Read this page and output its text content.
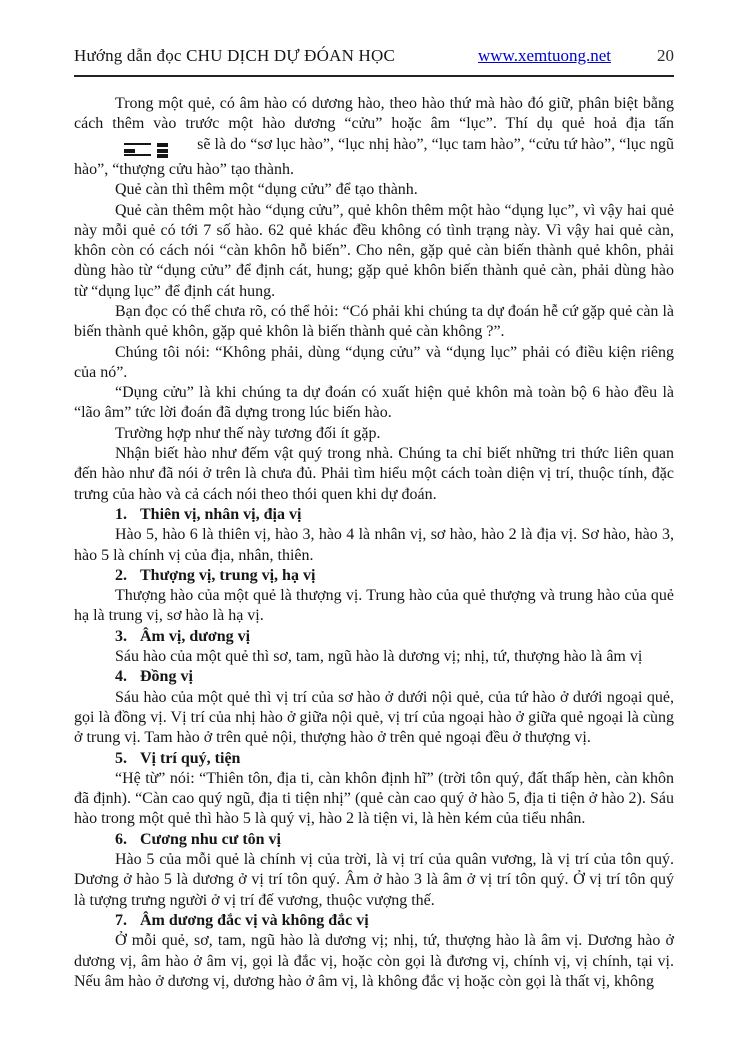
Hướng dẫn đọc CHU DỊCH DỰ ĐÓAN HỌC	www.xemtuong.net	20

Trong một quẻ, có âm hào có dương hào, theo hào thứ mà hào đó giữ, phân biệt bằng cách thêm vào trước một hào dương “cửu” hoặc âm “lục”. Thí dụ quẻ hoả địa tấn
sẽ là do “sơ lục hào”, “lục nhị hào”, “lục tam hào”, “cửu tứ hào”, “lục ngũ hào”, “thượng cửu hào” tạo thành.

Quẻ càn thì thêm một “dụng cửu” để tạo thành.

Quẻ càn thêm một hào “dụng cửu”, quẻ khôn thêm một hào “dụng lục”, vì vậy hai quẻ này mỗi quẻ có tới 7 số hào. 62 quẻ khác đều không có tình trạng này. Vì vậy hai quẻ càn, khôn còn có cách nói “càn khôn hỗ biến”. Cho nên, gặp quẻ càn biến thành quẻ khôn, phải dùng hào từ “dụng cửu” để định cát, hung; gặp quẻ khôn biến thành quẻ càn, phải dùng hào từ “dụng lục” để định cát hung.

Bạn đọc có thể chưa rõ, có thể hỏi: “Có phải khi chúng ta dự đoán hễ cứ gặp quẻ càn là biến thành quẻ khôn, gặp quẻ khôn là biến thành quẻ càn không ?”.

Chúng tôi nói: “Không phải, dùng “dụng cửu” và “dụng lục” phải có điều kiện riêng của nó”.

“Dụng cửu” là khi chúng ta dự đoán có xuất hiện quẻ khôn mà toàn bộ 6 hào đều là “lão âm” tức lời đoán đã dựng trong lúc biến hào.

Trường hợp như thế này tương đối ít gặp.

Nhận biết hào như đếm vật quý trong nhà. Chúng ta chỉ biết những tri thức liên quan đến hào như đã nói ở trên là chưa đủ. Phải tìm hiểu một cách toàn diện vị trí, thuộc tính, đặc trưng của hào và cả cách nói theo thói quen khi dự đoán.

1. Thiên vị, nhân vị, địa vị

Hào 5, hào 6 là thiên vị, hào 3, hào 4 là nhân vị, sơ hào, hào 2 là địa vị. Sơ hào, hào 3, hào 5 là chính vị của địa, nhân, thiên.

2. Thượng vị, trung vị, hạ vị

Thượng hào của một quẻ là thượng vị. Trung hào của quẻ thượng và trung hào của quẻ hạ là trung vị, sơ hào là hạ vị.

3. Âm vị, dương vị

Sáu hào của một quẻ thì sơ, tam, ngũ hào là dương vị; nhị, tứ, thượng hào là âm vị

4. Đồng vị

Sáu hào của một quẻ thì vị trí của sơ hào ở dưới nội quẻ, của tứ hào ở dưới ngoại quẻ, gọi là đồng vị. Vị trí của nhị hào ở giữa nội quẻ, vị trí của ngoại hào ở giữa quẻ ngoại là cùng ở trung vị. Tam hào ở trên quẻ nội, thượng hào ở trên quẻ ngoại đều ở thượng vị.

5. Vị trí quý, tiện

“Hệ từ” nói: “Thiên tôn, địa ti, càn khôn định hĩ” (trời tôn quý, đất thấp hèn, càn khôn đã định). “Càn cao quý ngũ, địa ti tiện nhị” (quẻ càn cao quý ở hào 5, địa ti tiện ở hào 2). Sáu hào trong một quẻ thì hào 5 là quý vị, hào 2 là tiện vi, là hèn kém của tiểu nhân.

6. Cương nhu cư tôn vị

Hào 5 của mỗi quẻ là chính vị của trời, là vị trí của quân vương, là vị trí của tôn quý. Dương ở hào 5 là dương ở vị trí tôn quý. Âm ở hào 3 là âm ở vị trí tôn quý. Ở vị trí tôn quý là tượng trưng người ở vị trí đế vương, thuộc vượng thế.

7. Âm dương đắc vị và không đắc vị

Ở mỗi quẻ, sơ, tam, ngũ hào là dương vị; nhị, tứ, thượng hào là âm vị. Dương hào ở dương vị, âm hào ở âm vị, gọi là đắc vị, hoặc còn gọi là đương vị, chính vị, vị chính, tại vị. Nếu âm hào ở dương vị, dương hào ở âm vị, là không đắc vị hoặc còn gọi là thất vị, không
